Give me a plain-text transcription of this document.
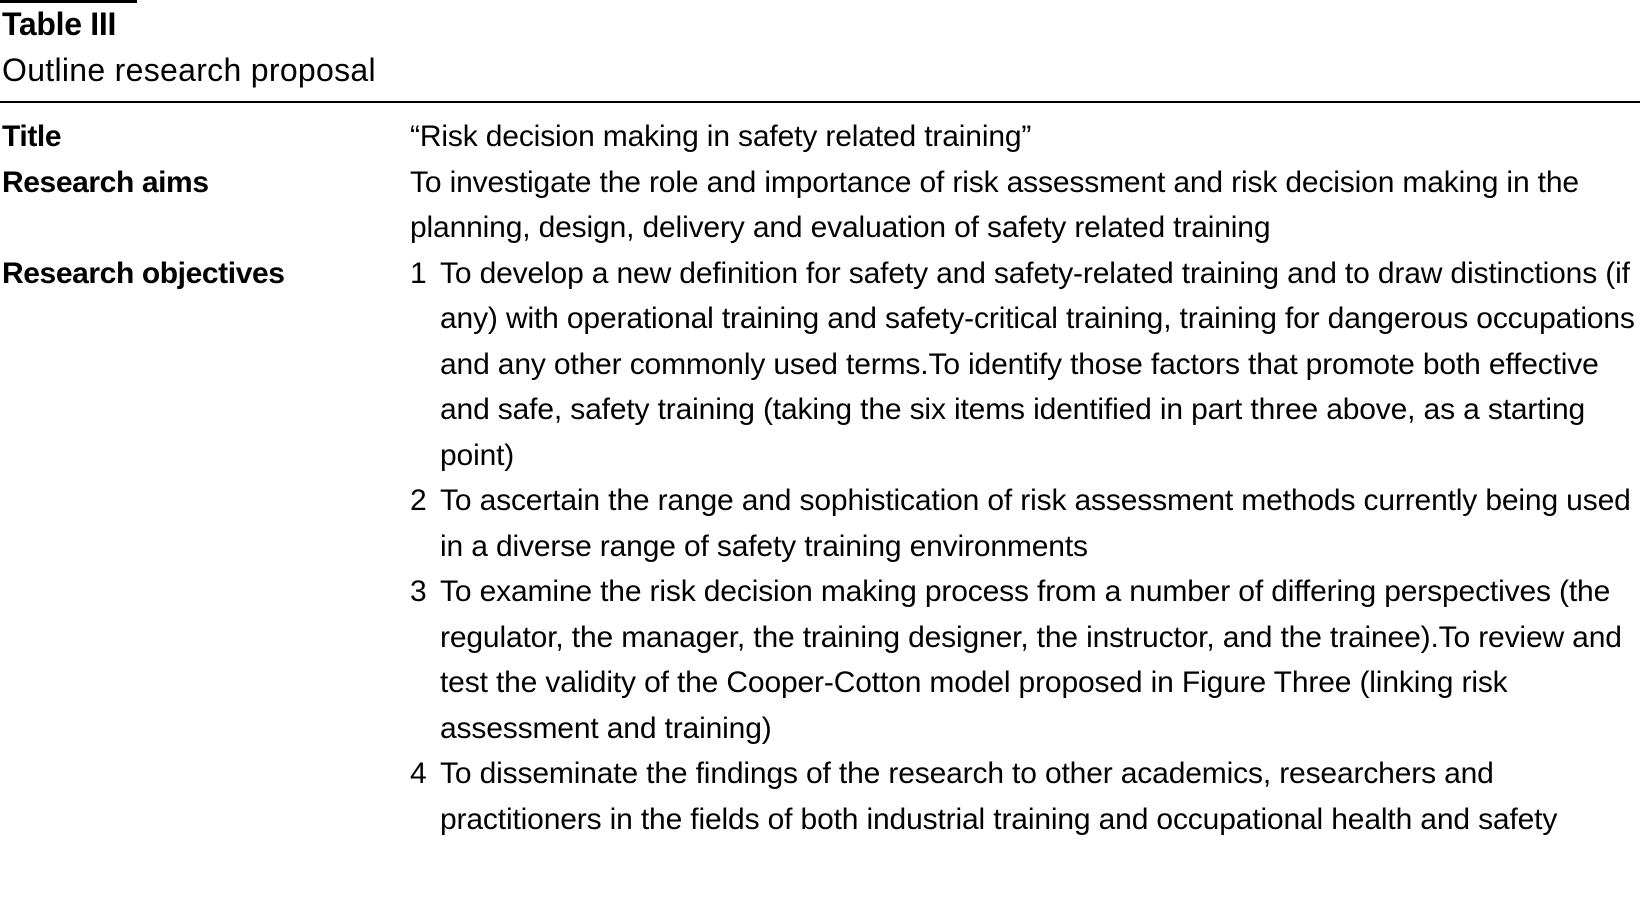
Table III
Outline research proposal
Title	“Risk decision making in safety related training”
Research aims	To investigate the role and importance of risk assessment and risk decision making in the planning, design, delivery and evaluation of safety related training
Research objectives	1 To develop a new definition for safety and safety-related training and to draw distinctions (if any) with operational training and safety-critical training, training for dangerous occupations and any other commonly used terms.To identify those factors that promote both effective and safe, safety training (taking the six items identified in part three above, as a starting point)
2 To ascertain the range and sophistication of risk assessment methods currently being used in a diverse range of safety training environments
3 To examine the risk decision making process from a number of differing perspectives (the regulator, the manager, the training designer, the instructor, and the trainee).To review and test the validity of the Cooper-Cotton model proposed in Figure Three (linking risk assessment and training)
4 To disseminate the findings of the research to other academics, researchers and practitioners in the fields of both industrial training and occupational health and safety
